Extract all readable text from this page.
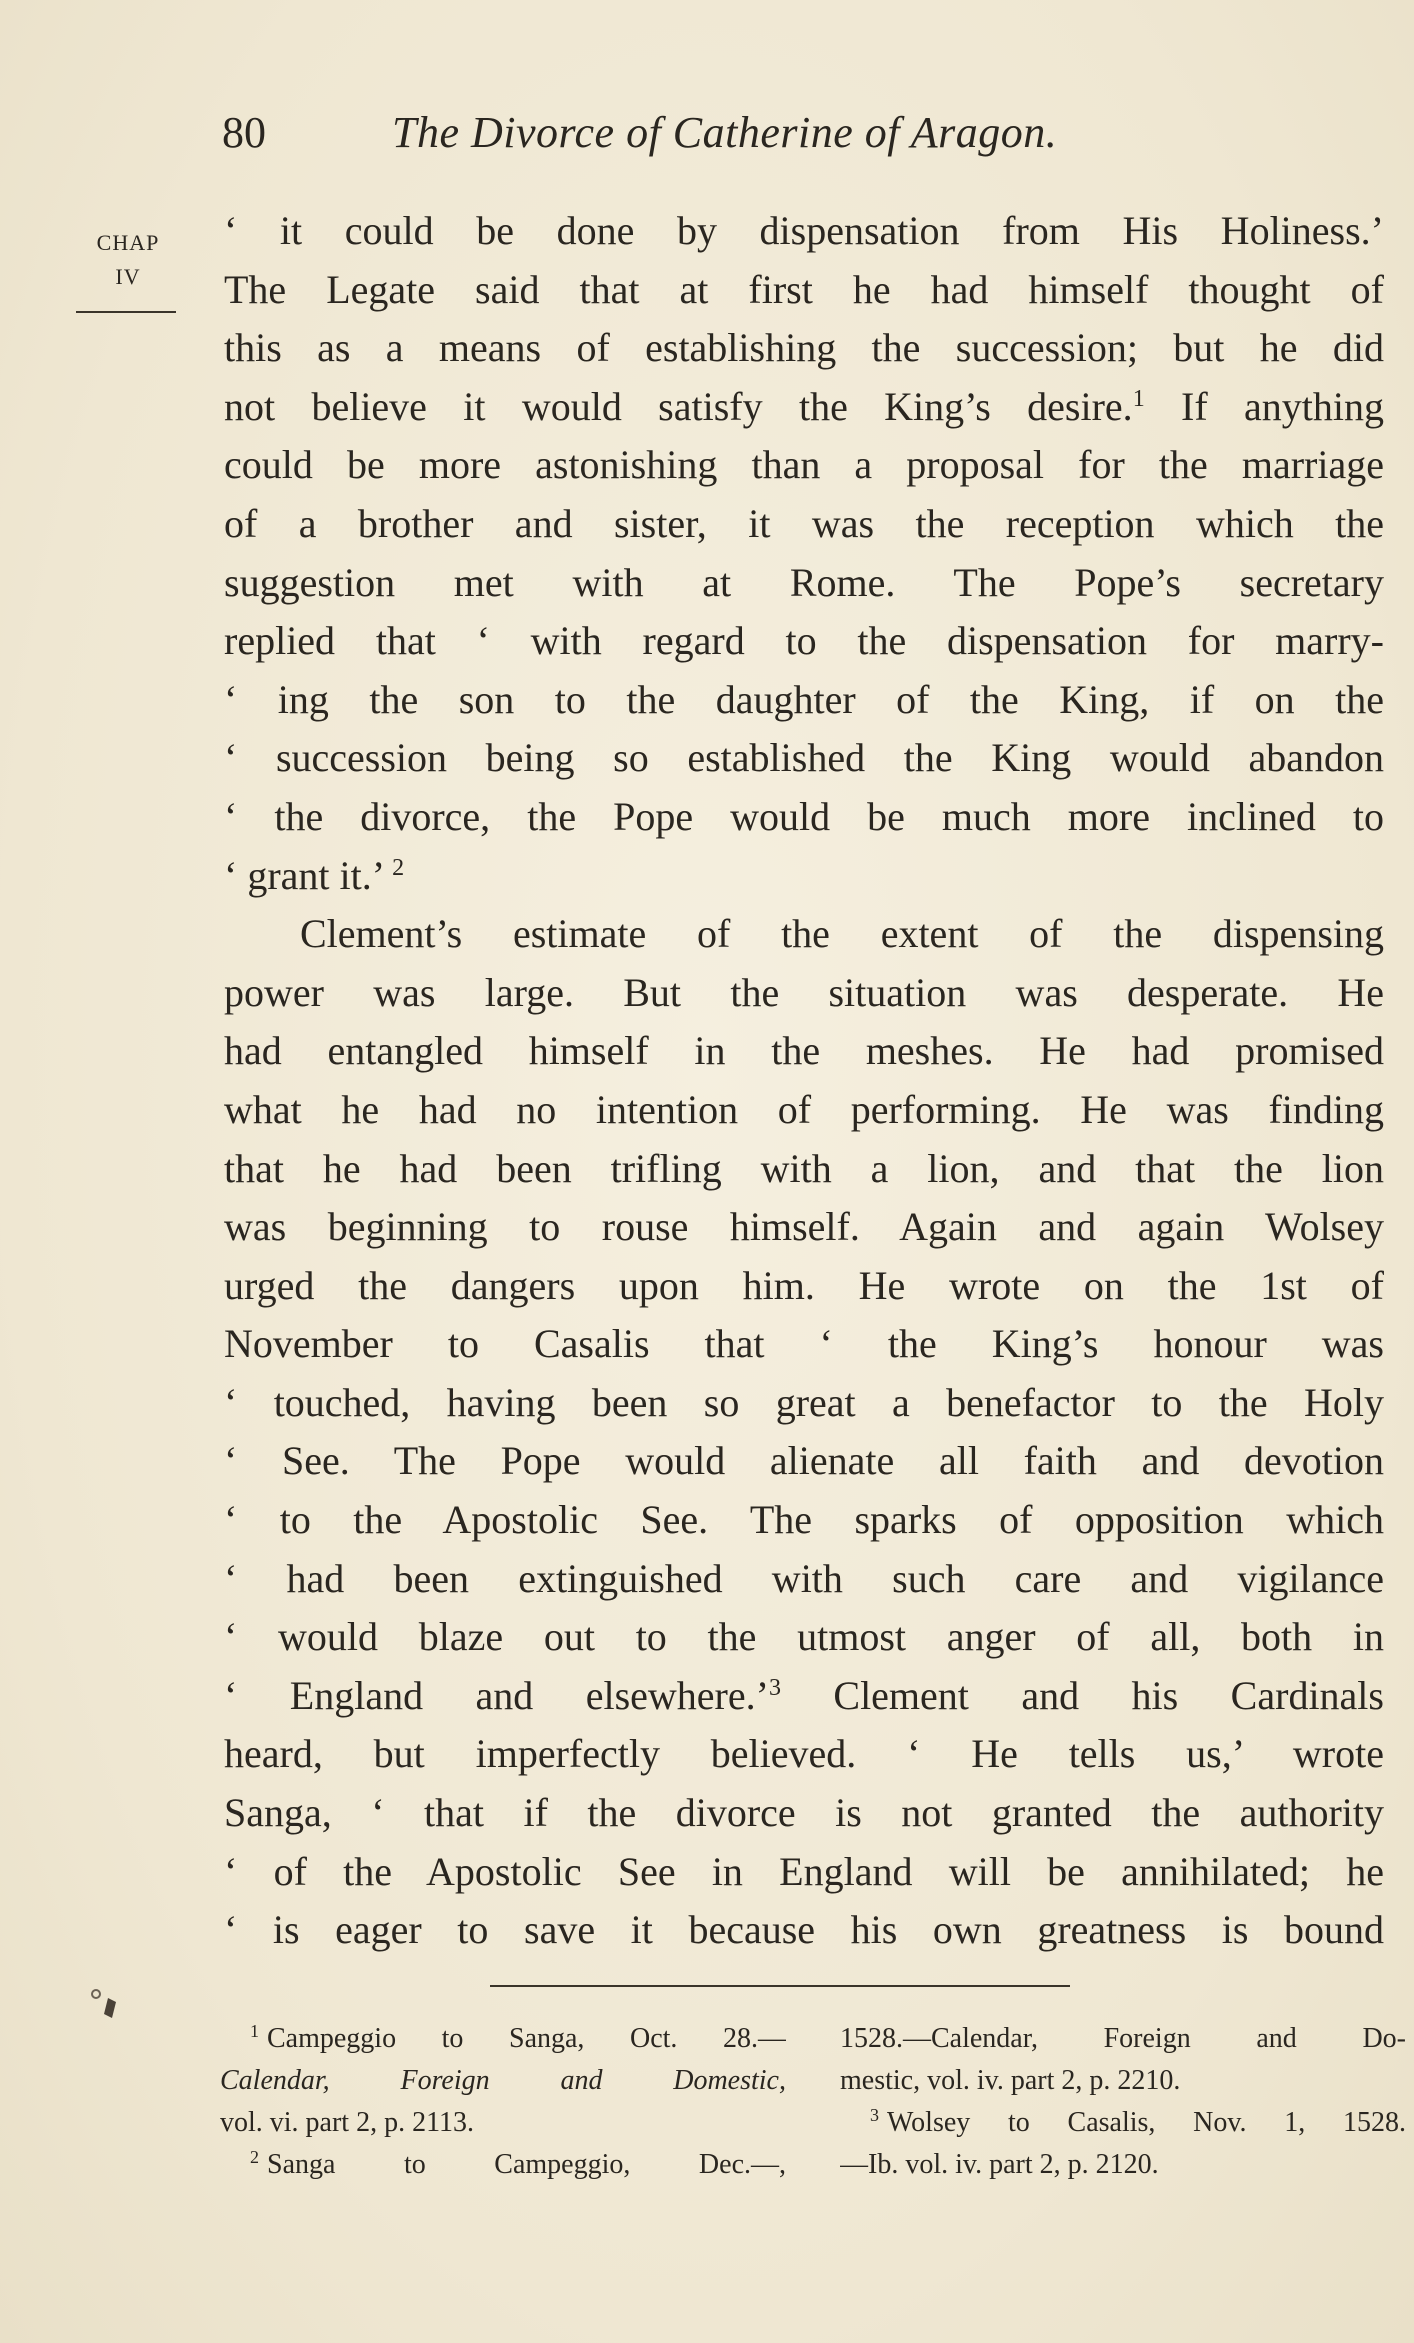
80	The Divorce of Catherine of Aragon.
CHAP
IV
‘ it could be done by dispensation from His Holiness.’
The Legate said that at first he had himself thought of
this as a means of establishing the succession; but he did
not believe it would satisfy the King’s desire.$^1$ If anything
could be more astonishing than a proposal for the marriage
of a brother and sister, it was the reception which the
suggestion met with at Rome. The Pope’s secretary
replied that ‘ with regard to the dispensation for marry-
‘ ing the son to the daughter of the King, if on the
‘ succession being so established the King would abandon
‘ the divorce, the Pope would be much more inclined to
‘ grant it.’ $^2$
Clement’s estimate of the extent of the dispensing
power was large. But the situation was desperate. He
had entangled himself in the meshes. He had promised
what he had no intention of performing. He was finding
that he had been trifling with a lion, and that the lion
was beginning to rouse himself. Again and again Wolsey
urged the dangers upon him. He wrote on the 1st of
November to Casalis that ‘ the King’s honour was
‘ touched, having been so great a benefactor to the Holy
‘ See. The Pope would alienate all faith and devotion
‘ to the Apostolic See. The sparks of opposition which
‘ had been extinguished with such care and vigilance
‘ would blaze out to the utmost anger of all, both in
‘ England and elsewhere.’$^3$ Clement and his Cardinals
heard, but imperfectly believed. ‘ He tells us,’ wrote
Sanga, ‘ that if the divorce is not granted the authority
‘ of the Apostolic See in England will be annihilated; he
‘ is eager to save it because his own greatness is bound
$^1$ Campeggio to Sanga, Oct. 28.—
Calendar, Foreign and Domestic,
vol. vi. part 2, p. 2113.
$^2$ Sanga to Campeggio, Dec.—,
1528.—Calendar, Foreign and Do-
mestic, vol. iv. part 2, p. 2210.
$^3$ Wolsey to Casalis, Nov. 1, 1528.
—Ib. vol. iv. part 2, p. 2120.
